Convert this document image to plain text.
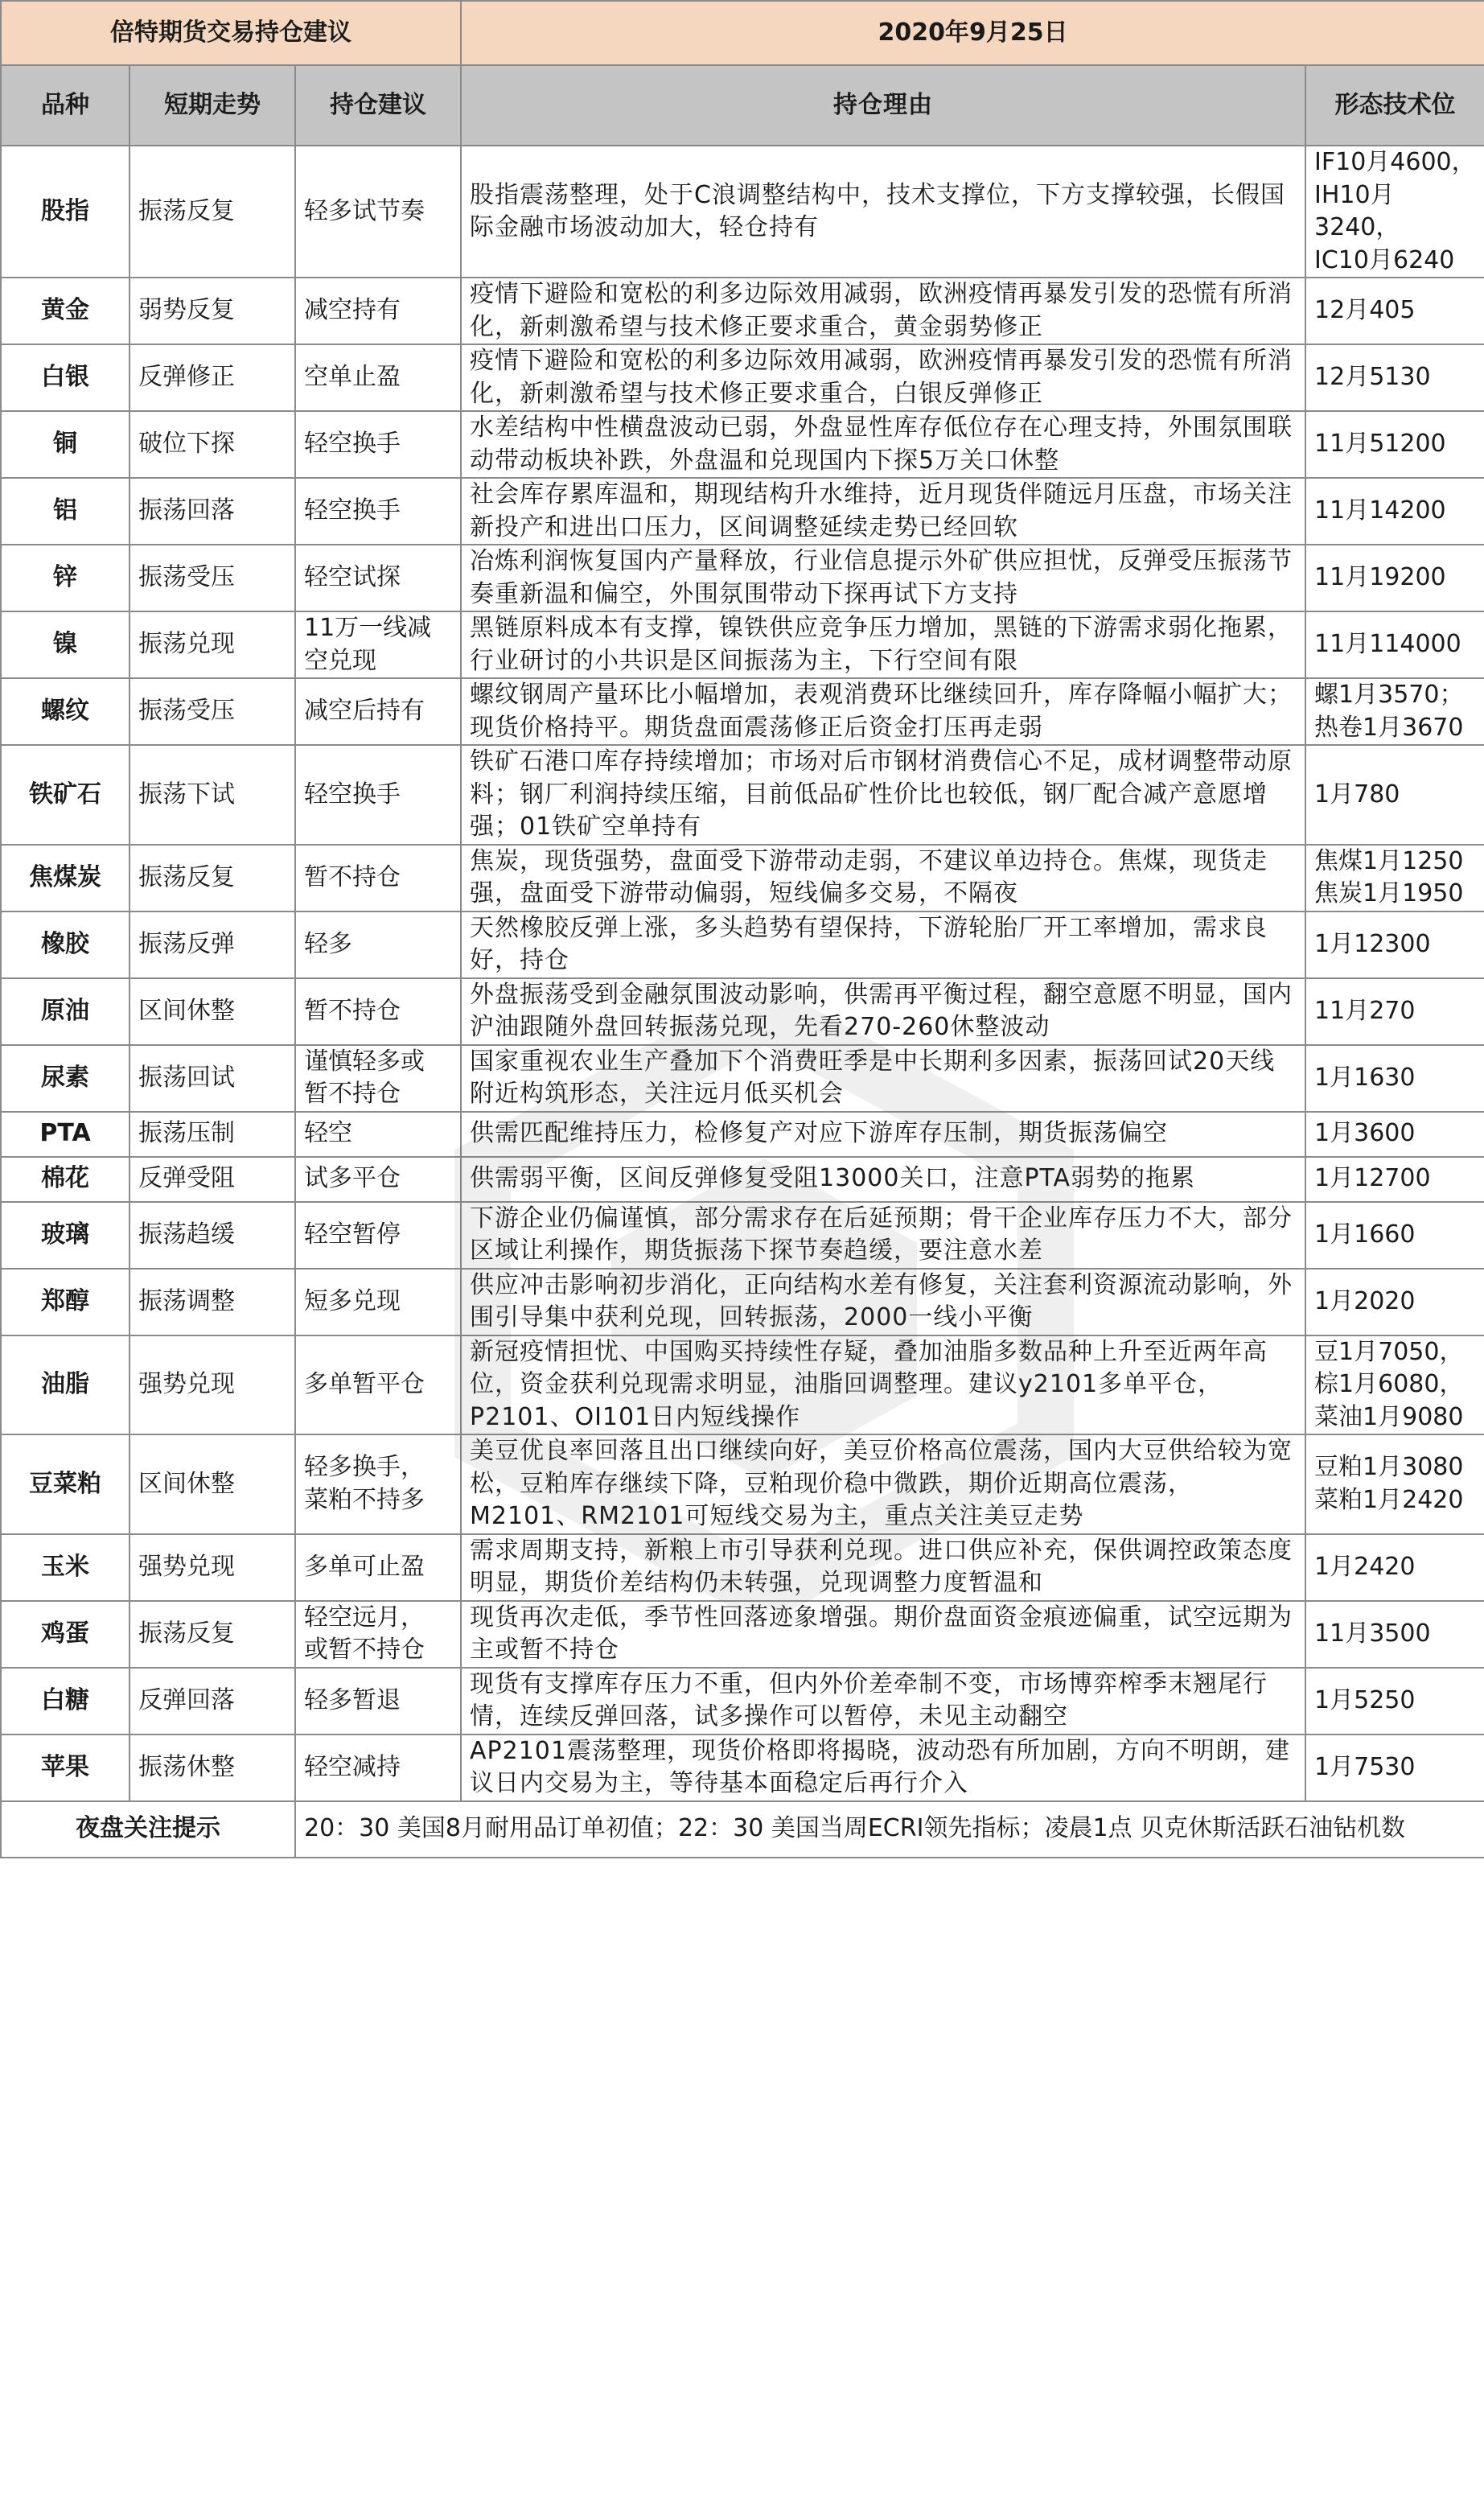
倍特期货交易持仓建议			2020年9月25日	
品种	短期走势	持仓建议	持仓理由	形态技术位
股指	振荡反复	轻多试节奏	股指震荡整理，处于C浪调整结构中，技术支撑位，下方支撑较强，长假国际金融市场波动加大，轻仓持有	IF10月4600，
IH10月3240，
IC10月6240
黄金	弱势反复	减空持有	疫情下避险和宽松的利多边际效用减弱，欧洲疫情再暴发引发的恐慌有所消化，新刺激希望与技术修正要求重合，黄金弱势修正	12月405
白银	反弹修正	空单止盈	疫情下避险和宽松的利多边际效用减弱，欧洲疫情再暴发引发的恐慌有所消化，新刺激希望与技术修正要求重合，白银反弹修正	12月5130
铜	破位下探	轻空换手	水差结构中性横盘波动已弱，外盘显性库存低位存在心理支持，外围氛围联动带动板块补跌，外盘温和兑现国内下探5万关口休整	11月51200
铝	振荡回落	轻空换手	社会库存累库温和，期现结构升水维持，近月现货伴随远月压盘，市场关注新投产和进出口压力，区间调整延续走势已经回软	11月14200
锌	振荡受压	轻空试探	冶炼利润恢复国内产量释放，行业信息提示外矿供应担忧，反弹受压振荡节奏重新温和偏空，外围氛围带动下探再试下方支持	11月19200
镍	振荡兑现	11万一线减
空兑现	黑链原料成本有支撑，镍铁供应竞争压力增加，黑链的下游需求弱化拖累，行业研讨的小共识是区间振荡为主，下行空间有限	11月114000
螺纹	振荡受压	减空后持有	螺纹钢周产量环比小幅增加，表观消费环比继续回升，库存降幅小幅扩大；现货价格持平。期货盘面震荡修正后资金打压再走弱	螺1月3570；
热卷1月3670
铁矿石	振荡下试	轻空换手	铁矿石港口库存持续增加；市场对后市钢材消费信心不足，成材调整带动原料；钢厂利润持续压缩，目前低品矿性价比也较低，钢厂配合减产意愿增强；01铁矿空单持有	1月780
焦煤炭	振荡反复	暂不持仓	焦炭，现货强势，盘面受下游带动走弱，不建议单边持仓。焦煤，现货走强，盘面受下游带动偏弱，短线偏多交易，不隔夜	焦煤1月1250
焦炭1月1950
橡胶	振荡反弹	轻多	天然橡胶反弹上涨，多头趋势有望保持，下游轮胎厂开工率增加，需求良好，持仓	1月12300
原油	区间休整	暂不持仓	外盘振荡受到金融氛围波动影响，供需再平衡过程，翻空意愿不明显，国内沪油跟随外盘回转振荡兑现，先看270-260休整波动	11月270
尿素	振荡回试	谨慎轻多或
暂不持仓	国家重视农业生产叠加下个消费旺季是中长期利多因素，振荡回试20天线附近构筑形态，关注远月低买机会	1月1630
PTA	振荡压制	轻空	供需匹配维持压力，检修复产对应下游库存压制，期货振荡偏空	1月3600
棉花	反弹受阻	试多平仓	供需弱平衡，区间反弹修复受阻13000关口，注意PTA弱势的拖累	1月12700
玻璃	振荡趋缓	轻空暂停	下游企业仍偏谨慎，部分需求存在后延预期；骨干企业库存压力不大，部分区域让利操作，期货振荡下探节奏趋缓，要注意水差	1月1660
郑醇	振荡调整	短多兑现	供应冲击影响初步消化，正向结构水差有修复，关注套利资源流动影响，外围引导集中获利兑现，回转振荡，2000一线小平衡	1月2020
油脂	强势兑现	多单暂平仓	新冠疫情担忧、中国购买持续性存疑，叠加油脂多数品种上升至近两年高位，资金获利兑现需求明显，油脂回调整理。建议y2101多单平仓，P2101、OI101日内短线操作	豆1月7050，
棕1月6080，
菜油1月9080
豆菜粕	区间休整	轻多换手，
菜粕不持多	美豆优良率回落且出口继续向好，美豆价格高位震荡，国内大豆供给较为宽松，豆粕库存继续下降，豆粕现价稳中微跌，期价近期高位震荡，M2101、RM2101可短线交易为主，重点关注美豆走势	豆粕1月3080
菜粕1月2420
玉米	强势兑现	多单可止盈	需求周期支持，新粮上市引导获利兑现。进口供应补充，保供调控政策态度明显，期货价差结构仍未转强，兑现调整力度暂温和	1月2420
鸡蛋	振荡反复	轻空远月，
或暂不持仓	现货再次走低，季节性回落迹象增强。期价盘面资金痕迹偏重，试空远期为主或暂不持仓	11月3500
白糖	反弹回落	轻多暂退	现货有支撑库存压力不重，但内外价差牵制不变，市场博弈榨季末翘尾行情，连续反弹回落，试多操作可以暂停，未见主动翻空	1月5250
苹果	振荡休整	轻空减持	AP2101震荡整理，现货价格即将揭晓，波动恐有所加剧，方向不明朗，建议日内交易为主，等待基本面稳定后再行介入	1月7530
夜盘关注提示		20：30 美国8月耐用品订单初值；22：30 美国当周ECRI领先指标；凌晨1点 贝克休斯活跃石油钻机数		
